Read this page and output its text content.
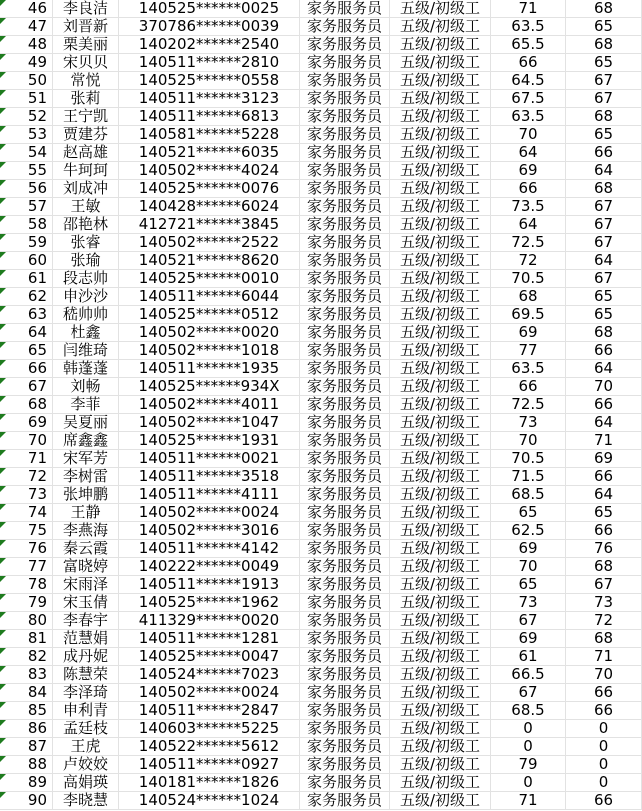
46	李良洁	140525******0025	家务服务员	五级/初级工	71	68
47	刘晋新	370786******0039	家务服务员	五级/初级工	63.5	65
48	栗美丽	140202******2540	家务服务员	五级/初级工	65.5	68
49	宋贝贝	140511******2810	家务服务员	五级/初级工	66	65
50	常悦	140525******0558	家务服务员	五级/初级工	64.5	67
51	张莉	140511******3123	家务服务员	五级/初级工	67.5	67
52	王宁凯	140511******6813	家务服务员	五级/初级工	63.5	68
53	贾建芬	140581******5228	家务服务员	五级/初级工	70	65
54	赵高雄	140521******6035	家务服务员	五级/初级工	64	66
55	牛珂珂	140502******4024	家务服务员	五级/初级工	69	64
56	刘成冲	140525******0076	家务服务员	五级/初级工	66	68
57	王敏	140428******6024	家务服务员	五级/初级工	73.5	67
58	邵艳林	412721******3845	家务服务员	五级/初级工	64	67
59	张睿	140502******2522	家务服务员	五级/初级工	72.5	67
60	张瑜	140521******8620	家务服务员	五级/初级工	72	64
61	段志帅	140525******0010	家务服务员	五级/初级工	70.5	67
62	申沙沙	140511******6044	家务服务员	五级/初级工	68	65
63	嵇帅帅	140525******0512	家务服务员	五级/初级工	69.5	65
64	杜鑫	140502******0020	家务服务员	五级/初级工	69	68
65	闫维琦	140502******1018	家务服务员	五级/初级工	77	66
66	韩蓬蓬	140511******1935	家务服务员	五级/初级工	63.5	64
67	刘畅	140525******934X	家务服务员	五级/初级工	66	70
68	李菲	140502******4011	家务服务员	五级/初级工	72.5	66
69	吴夏丽	140502******1047	家务服务员	五级/初级工	73	64
70	席鑫鑫	140525******1931	家务服务员	五级/初级工	70	71
71	宋军芳	140511******0021	家务服务员	五级/初级工	70.5	69
72	李树雷	140511******3518	家务服务员	五级/初级工	71.5	66
73	张坤鹏	140511******4111	家务服务员	五级/初级工	68.5	64
74	王静	140502******0024	家务服务员	五级/初级工	65	65
75	李燕海	140502******3016	家务服务员	五级/初级工	62.5	66
76	秦云霞	140511******4142	家务服务员	五级/初级工	69	76
77	富晓婷	140222******0049	家务服务员	五级/初级工	70	68
78	宋雨泽	140511******1913	家务服务员	五级/初级工	65	67
79	宋玉倩	140525******1962	家务服务员	五级/初级工	73	73
80	李春宇	411329******0020	家务服务员	五级/初级工	67	72
81	范慧娟	140511******1281	家务服务员	五级/初级工	69	68
82	成丹妮	140525******0047	家务服务员	五级/初级工	61	71
83	陈慧荣	140524******7023	家务服务员	五级/初级工	66.5	70
84	李泽琦	140502******0024	家务服务员	五级/初级工	67	66
85	申利青	140511******2847	家务服务员	五级/初级工	68.5	66
86	孟廷枝	140603******5225	家务服务员	五级/初级工	0	0
87	王虎	140522******5612	家务服务员	五级/初级工	0	0
88	卢姣姣	140511******0927	家务服务员	五级/初级工	79	0
89	高娟瑛	140181******1826	家务服务员	五级/初级工	0	0
90	李晓慧	140524******1024	家务服务员	五级/初级工	71	66
